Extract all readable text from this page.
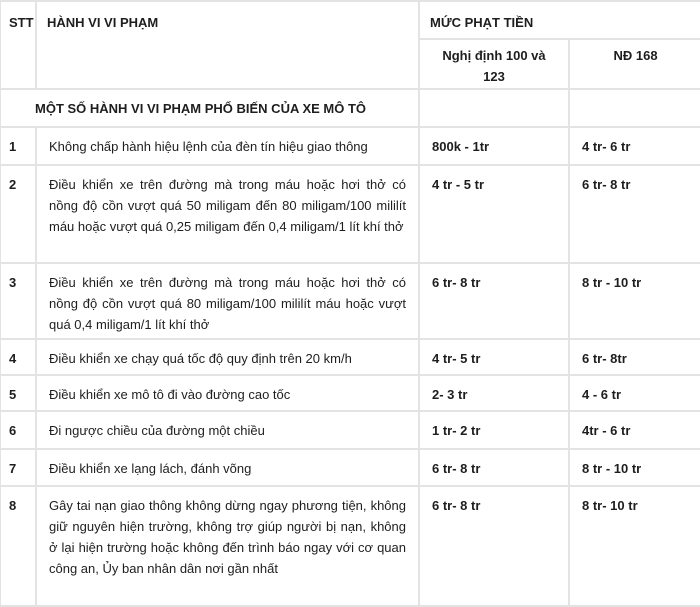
STT	HÀNH VI VI PHẠM	MỨC PHẠT TIỀN	
		Nghị định 100 và 123	NĐ 168
MỘT SỐ HÀNH VI VI PHẠM PHỔ BIẾN CỦA XE MÔ TÔ			
1	Không chấp hành hiệu lệnh của đèn tín hiệu giao thông	800k - 1tr	4 tr- 6 tr
2	Điều khiển xe trên đường mà trong máu hoặc hơi thở có nồng độ cồn vượt quá 50 miligam đến 80 miligam/100 mililít máu hoặc vượt quá 0,25 miligam đến 0,4 miligam/1 lít khí thở	4 tr - 5 tr	6 tr- 8 tr
3	Điều khiển xe trên đường mà trong máu hoặc hơi thở có nồng độ cồn vượt quá 80 miligam/100 mililít máu hoặc vượt quá 0,4 miligam/1 lít khí thở	6 tr- 8 tr	8 tr - 10 tr
4	Điều khiển xe chạy quá tốc độ quy định trên 20 km/h	4 tr- 5 tr	6 tr- 8tr
5	Điều khiển xe mô tô đi vào đường cao tốc	2- 3 tr	4 - 6 tr
6	Đi ngược chiều của đường một chiều	1 tr- 2 tr	4tr - 6 tr
7	Điều khiển xe lạng lách, đánh võng	6 tr- 8 tr	8 tr - 10 tr
8	Gây tai nạn giao thông không dừng ngay phương tiện, không giữ nguyên hiện trường, không trợ giúp người bị nạn, không ở lại hiện trường hoặc không đến trình báo ngay với cơ quan công an, Ủy ban nhân dân nơi gần nhất	6 tr- 8 tr	8 tr- 10 tr
